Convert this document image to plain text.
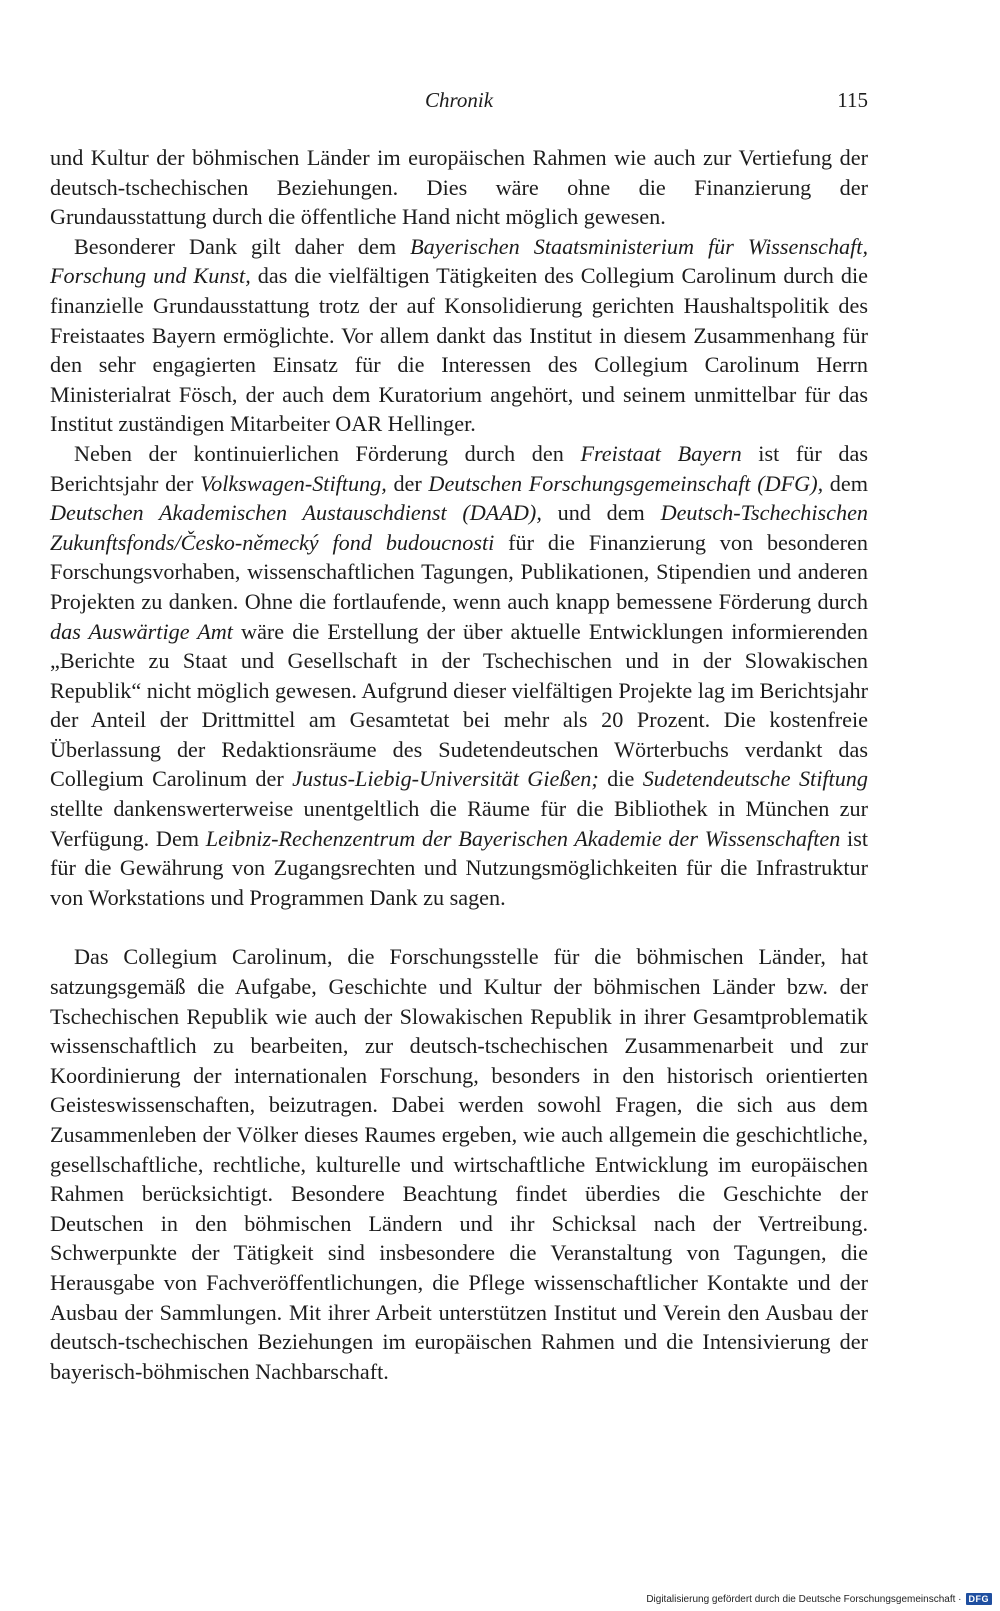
Chronik	115

und Kultur der böhmischen Länder im europäischen Rahmen wie auch zur Vertiefung der deutsch-tschechischen Beziehungen. Dies wäre ohne die Finanzierung der Grundausstattung durch die öffentliche Hand nicht möglich gewesen.

Besonderer Dank gilt daher dem Bayerischen Staatsministerium für Wissenschaft, Forschung und Kunst, das die vielfältigen Tätigkeiten des Collegium Carolinum durch die finanzielle Grundausstattung trotz der auf Konsolidierung gerichten Haushaltspolitik des Freistaates Bayern ermöglichte. Vor allem dankt das Institut in diesem Zusammenhang für den sehr engagierten Einsatz für die Interessen des Collegium Carolinum Herrn Ministerialrat Fösch, der auch dem Kuratorium angehört, und seinem unmittelbar für das Institut zuständigen Mitarbeiter OAR Hellinger.

Neben der kontinuierlichen Förderung durch den Freistaat Bayern ist für das Berichtsjahr der Volkswagen-Stiftung, der Deutschen Forschungsgemeinschaft (DFG), dem Deutschen Akademischen Austauschdienst (DAAD), und dem Deutsch-Tschechischen Zukunftsfonds/Česko-německý fond budoucnosti für die Finanzierung von besonderen Forschungsvorhaben, wissenschaftlichen Tagungen, Publikationen, Stipendien und anderen Projekten zu danken. Ohne die fortlaufende, wenn auch knapp bemessene Förderung durch das Auswärtige Amt wäre die Erstellung der über aktuelle Entwicklungen informierenden „Berichte zu Staat und Gesellschaft in der Tschechischen und in der Slowakischen Republik“ nicht möglich gewesen. Aufgrund dieser vielfältigen Projekte lag im Berichtsjahr der Anteil der Drittmittel am Gesamtetat bei mehr als 20 Prozent. Die kostenfreie Überlassung der Redaktionsräume des Sudetendeutschen Wörterbuchs verdankt das Collegium Carolinum der Justus-Liebig-Universität Gießen; die Sudetendeutsche Stiftung stellte dankenswerterweise unentgeltlich die Räume für die Bibliothek in München zur Verfügung. Dem Leibniz-Rechenzentrum der Bayerischen Akademie der Wissenschaften ist für die Gewährung von Zugangsrechten und Nutzungsmöglichkeiten für die Infrastruktur von Workstations und Programmen Dank zu sagen.

Das Collegium Carolinum, die Forschungsstelle für die böhmischen Länder, hat satzungsgemäß die Aufgabe, Geschichte und Kultur der böhmischen Länder bzw. der Tschechischen Republik wie auch der Slowakischen Republik in ihrer Gesamtproblematik wissenschaftlich zu bearbeiten, zur deutsch-tschechischen Zusammenarbeit und zur Koordinierung der internationalen Forschung, besonders in den historisch orientierten Geisteswissenschaften, beizutragen. Dabei werden sowohl Fragen, die sich aus dem Zusammenleben der Völker dieses Raumes ergeben, wie auch allgemein die geschichtliche, gesellschaftliche, rechtliche, kulturelle und wirtschaftliche Entwicklung im europäischen Rahmen berücksichtigt. Besondere Beachtung findet überdies die Geschichte der Deutschen in den böhmischen Ländern und ihr Schicksal nach der Vertreibung. Schwerpunkte der Tätigkeit sind insbesondere die Veranstaltung von Tagungen, die Herausgabe von Fachveröffentlichungen, die Pflege wissenschaftlicher Kontakte und der Ausbau der Sammlungen. Mit ihrer Arbeit unterstützen Institut und Verein den Ausbau der deutsch-tschechischen Beziehungen im europäischen Rahmen und die Intensivierung der bayerisch-böhmischen Nachbarschaft.

Digitalisierung gefördert durch die Deutsche Forschungsgemeinschaft · DFG
